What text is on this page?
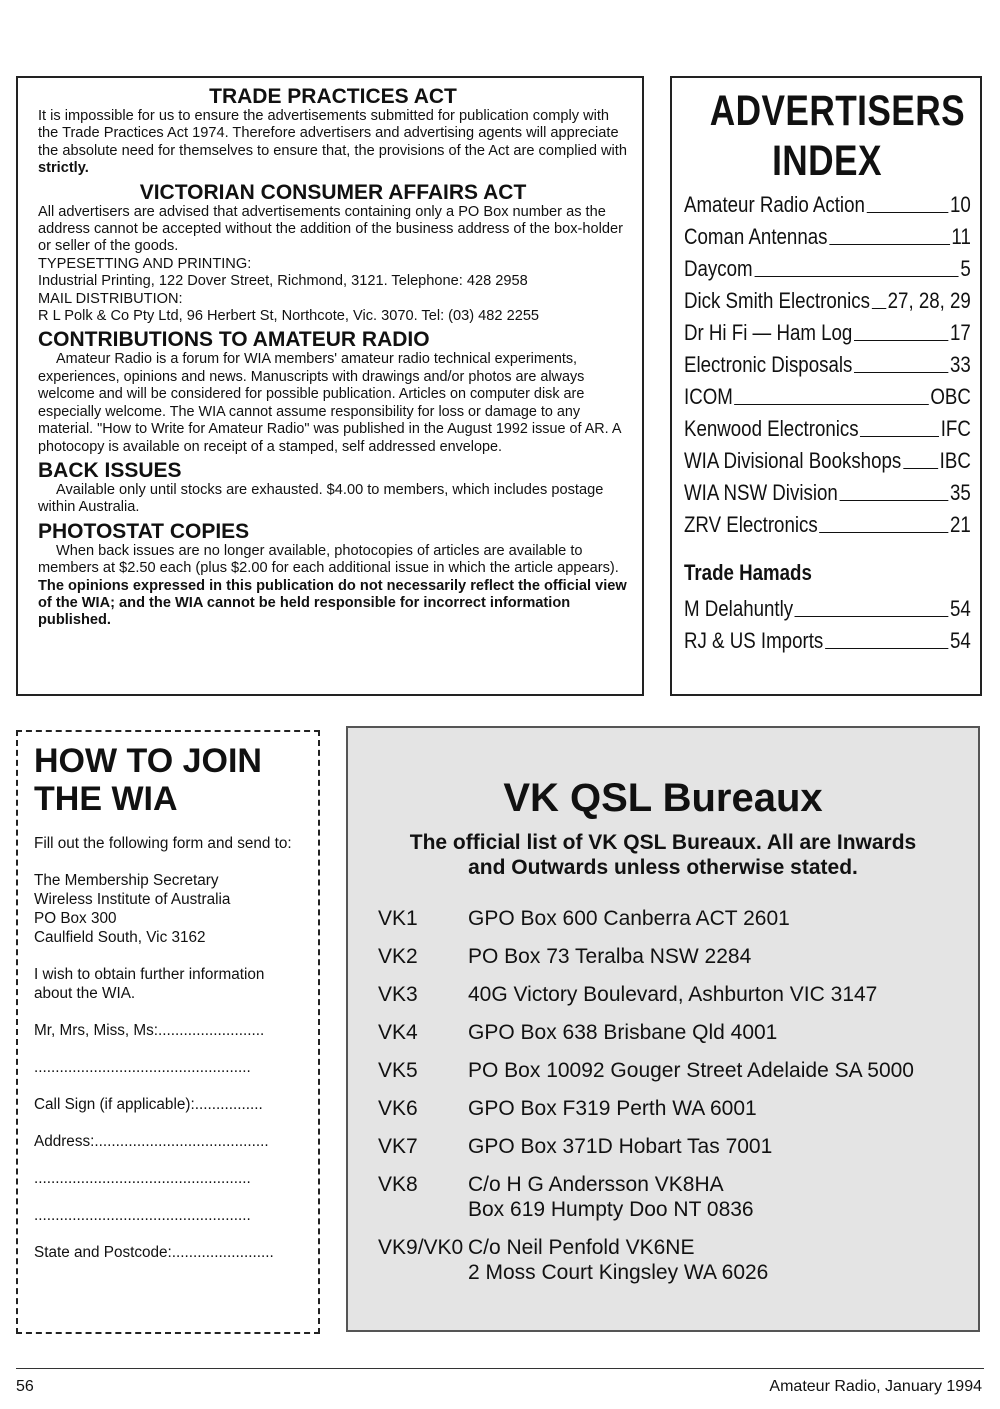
TRADE PRACTICES ACT

It is impossible for us to ensure the advertisements submitted for publication comply with the Trade Practices Act 1974. Therefore advertisers and advertising agents will appreciate the absolute need for themselves to ensure that, the provisions of the Act are complied with strictly.

VICTORIAN CONSUMER AFFAIRS ACT

All advertisers are advised that advertisements containing only a PO Box number as the address cannot be accepted without the addition of the business address of the box-holder or seller of the goods.

TYPESETTING AND PRINTING:

Industrial Printing, 122 Dover Street, Richmond, 3121. Telephone: 428 2958

MAIL DISTRIBUTION:

R L Polk & Co Pty Ltd, 96 Herbert St, Northcote, Vic. 3070. Tel: (03) 482 2255

CONTRIBUTIONS TO AMATEUR RADIO

Amateur Radio is a forum for WIA members' amateur radio technical experiments, experiences, opinions and news. Manuscripts with drawings and/or photos are always welcome and will be considered for possible publication. Articles on computer disk are especially welcome. The WIA cannot assume responsibility for loss or damage to any material. "How to Write for Amateur Radio" was published in the August 1992 issue of AR. A photocopy is available on receipt of a stamped, self addressed envelope.

BACK ISSUES

Available only until stocks are exhausted. $4.00 to members, which includes postage within Australia.

PHOTOSTAT COPIES

When back issues are no longer available, photocopies of articles are available to members at $2.50 each (plus $2.00 for each additional issue in which the article appears).

The opinions expressed in this publication do not necessarily reflect the official view of the WIA; and the WIA cannot be held responsible for incorrect information published.

ADVERTISERS
INDEX
Amateur Radio Action	10
Coman Antennas	11
Daycom	5
Dick Smith Electronics 27, 28, 29
Dr Hi Fi — Ham Log	17
Electronic Disposals	33
ICOM	OBC
Kenwood Electronics	IFC
WIA Divisional Bookshops IBC
WIA NSW Division	35
ZRV Electronics	21
Trade Hamads
M Delahuntly	54
RJ & US Imports	54
HOW TO JOIN
THE WIA

Fill out the following form and send to:

The Membership Secretary

Wireless Institute of Australia

PO Box 300

Caulfield South, Vic 3162

I wish to obtain further information about the WIA.

Mr, Mrs, Miss, Ms:.........................

...................................................

Call Sign (if applicable):................

Address:.........................................

...................................................

...................................................

State and Postcode:........................

VK QSL Bureaux
The official list of VK QSL Bureaux. All are Inwards
and Outwards unless otherwise stated.
VK1	GPO Box 600 Canberra ACT 2601
VK2	PO Box 73 Teralba NSW 2284
VK3	40G Victory Boulevard, Ashburton VIC 3147
VK4	GPO Box 638 Brisbane Qld 4001
VK5	PO Box 10092 Gouger Street Adelaide SA 5000
VK6	GPO Box F319 Perth WA 6001
VK7	GPO Box 371D Hobart Tas 7001
VK8	C/o H G Andersson VK8HA
Box 619 Humpty Doo NT 0836
VK9/VK0 C/o Neil Penfold VK6NE
2 Moss Court Kingsley WA 6026
56	Amateur Radio, January 1994
